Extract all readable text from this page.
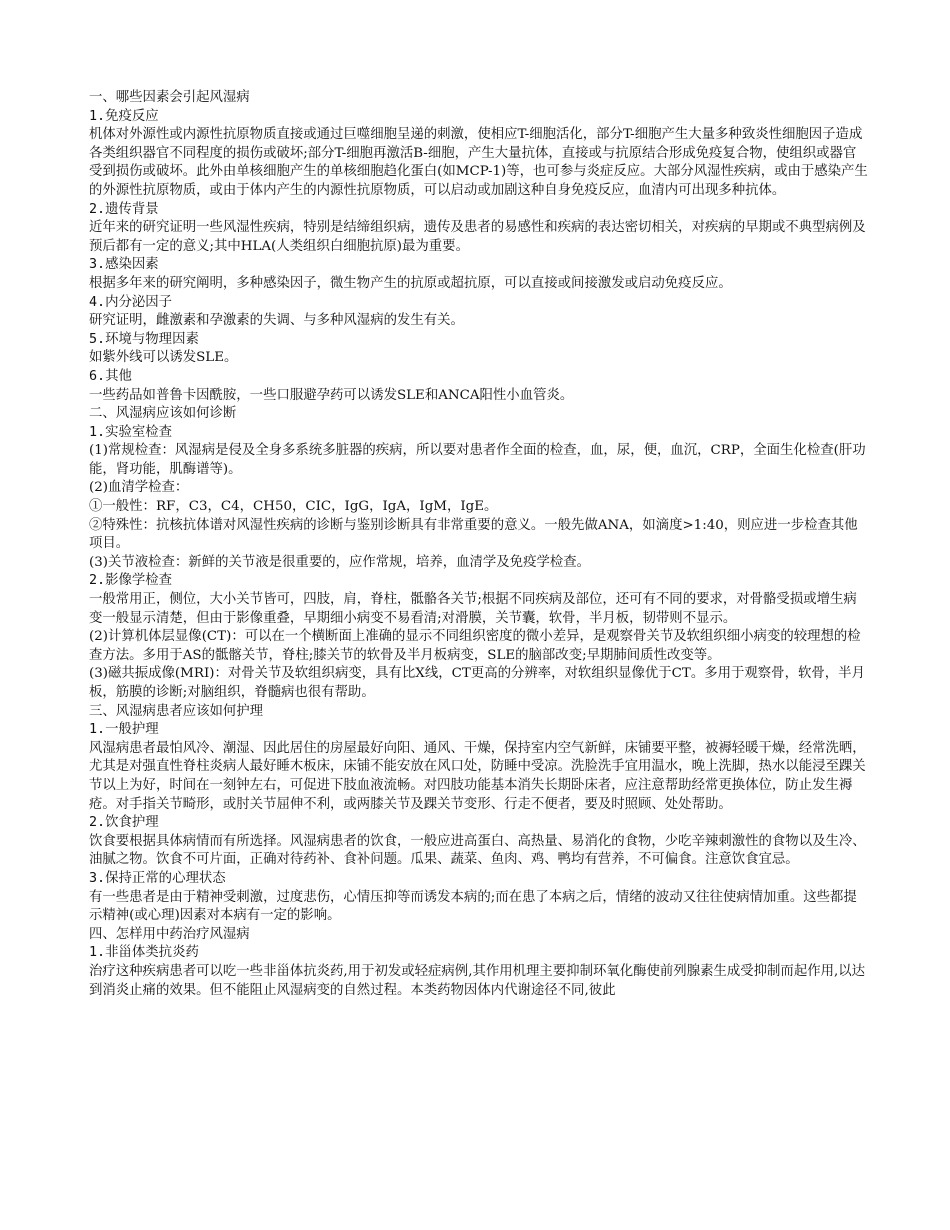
一、哪些因素会引起风湿病

1.免疫反应

机体对外源性或内源性抗原物质直接或通过巨噬细胞呈递的刺激，使相应T-细胞活化，部分T-细胞产生大量多种致炎性细胞因子造成各类组织器官不同程度的损伤或破坏;部分T-细胞再激活B-细胞，产生大量抗体，直接或与抗原结合形成免疫复合物，使组织或器官受到损伤或破坏。此外由单核细胞产生的单核细胞趋化蛋白(如MCP-1)等，也可参与炎症反应。大部分风湿性疾病，或由于感染产生的外源性抗原物质，或由于体内产生的内源性抗原物质，可以启动或加剧这种自身免疫反应，血清内可出现多种抗体。

2.遗传背景

近年来的研究证明一些风湿性疾病，特别是结缔组织病，遗传及患者的易感性和疾病的表达密切相关，对疾病的早期或不典型病例及预后都有一定的意义;其中HLA(人类组织白细胞抗原)最为重要。

3.感染因素

根据多年来的研究阐明，多种感染因子，微生物产生的抗原或超抗原，可以直接或间接激发或启动免疫反应。

4.内分泌因子

研究证明，雌激素和孕激素的失调、与多种风湿病的发生有关。

5.环境与物理因素

如紫外线可以诱发SLE。

6.其他

一些药品如普鲁卡因酰胺，一些口服避孕药可以诱发SLE和ANCA阳性小血管炎。

二、风湿病应该如何诊断

1.实验室检查

(1)常规检查：风湿病是侵及全身多系统多脏器的疾病，所以要对患者作全面的检查，血，尿，便，血沉，CRP，全面生化检查(肝功能，肾功能，肌酶谱等)。

(2)血清学检查：

①一般性：RF，C3，C4，CH50，CIC，IgG，IgA，IgM，IgE。

②特殊性：抗核抗体谱对风湿性疾病的诊断与鉴别诊断具有非常重要的意义。一般先做ANA，如滴度>1:40，则应进一步检查其他项目。

(3)关节液检查：新鲜的关节液是很重要的，应作常规，培养，血清学及免疫学检查。

2.影像学检查

一般常用正，侧位，大小关节皆可，四肢，肩，脊柱，骶骼各关节;根据不同疾病及部位，还可有不同的要求，对骨骼受损或增生病变一般显示清楚，但由于影像重叠，早期细小病变不易看清;对滑膜，关节囊，软骨，半月板，韧带则不显示。

(2)计算机体层显像(CT)：可以在一个横断面上准确的显示不同组织密度的微小差异，是观察骨关节及软组织细小病变的较理想的检查方法。多用于AS的骶髂关节，脊柱;膝关节的软骨及半月板病变，SLE的脑部改变;早期肺间质性改变等。

(3)磁共振成像(MRI)：对骨关节及软组织病变，具有比X线，CT更高的分辨率，对软组织显像优于CT。多用于观察骨，软骨，半月板，筋膜的诊断;对脑组织，脊髓病也很有帮助。

三、风湿病患者应该如何护理

1.一般护理

风湿病患者最怕风冷、潮湿、因此居住的房屋最好向阳、通风、干燥，保持室内空气新鲜，床铺要平整，被褥轻暖干燥，经常洗晒，尤其是对强直性脊柱炎病人最好睡木板床，床铺不能安放在风口处，防睡中受凉。洗脸洗手宜用温水，晚上洗脚，热水以能浸至踝关节以上为好，时间在一刻钟左右，可促进下肢血液流畅。对四肢功能基本消失长期卧床者，应注意帮助经常更换体位，防止发生褥疮。对手指关节畸形，或肘关节屈伸不利，或两膝关节及踝关节变形、行走不便者，要及时照顾、处处帮助。

2.饮食护理

饮食要根据具体病情而有所选择。风湿病患者的饮食，一般应进高蛋白、高热量、易消化的食物，少吃辛辣刺激性的食物以及生冷、油腻之物。饮食不可片面，正确对待药补、食补问题。瓜果、蔬菜、鱼肉、鸡、鸭均有营养，不可偏食。注意饮食宜忌。

3.保持正常的心理状态

有一些患者是由于精神受刺激，过度悲伤，心情压抑等而诱发本病的;而在患了本病之后，情绪的波动又往往使病情加重。这些都提示精神(或心理)因素对本病有一定的影响。

四、怎样用中药治疗风湿病

1.非甾体类抗炎药

治疗这种疾病患者可以吃一些非甾体抗炎药,用于初发或轻症病例,其作用机理主要抑制环氧化酶使前列腺素生成受抑制而起作用,以达到消炎止痛的效果。但不能阻止风湿病变的自然过程。本类药物因体内代谢途径不同,彼此
